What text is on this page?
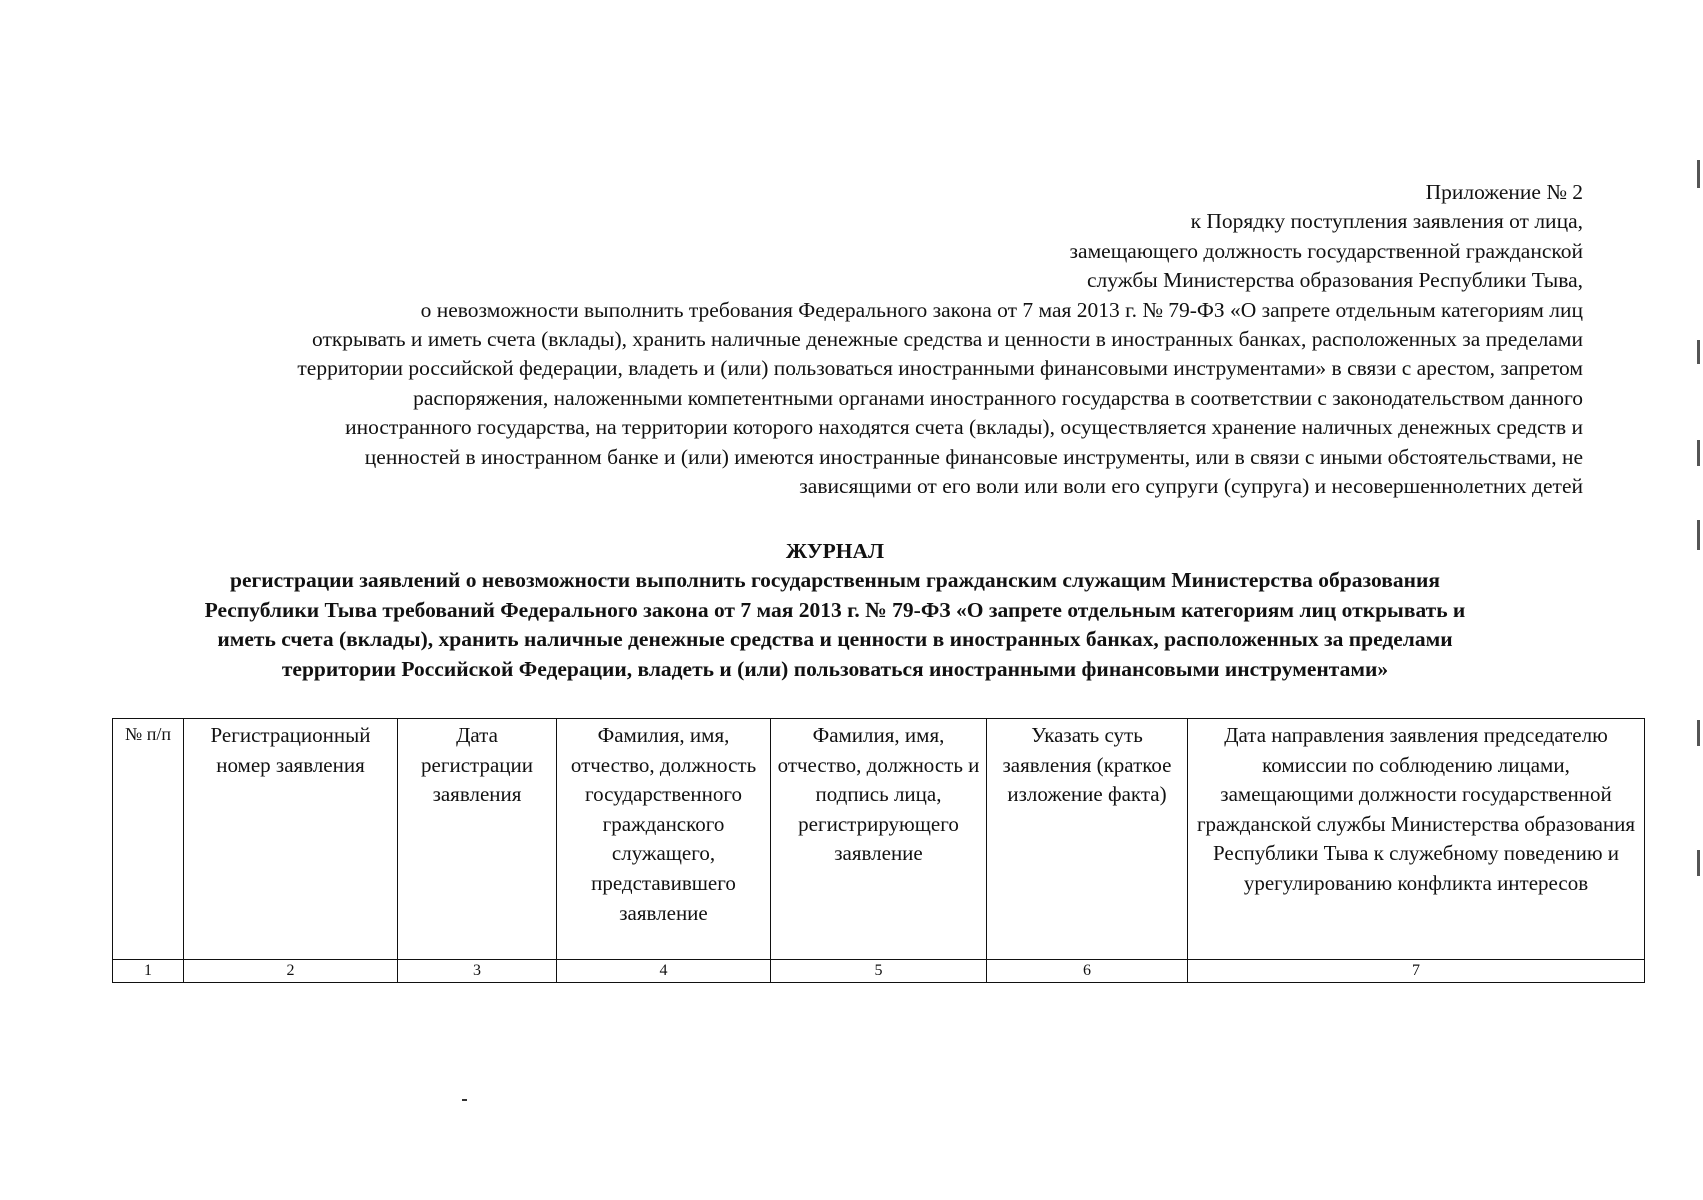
Приложение № 2

к Порядку поступления заявления от лица,

замещающего должность государственной гражданской

службы Министерства образования Республики Тыва,

о невозможности выполнить требования Федерального закона от 7 мая 2013 г. № 79-ФЗ «О запрете отдельным категориям лиц

открывать и иметь счета (вклады), хранить наличные денежные средства и ценности в иностранных банках, расположенных за пределами

территории российской федерации, владеть и (или) пользоваться иностранными финансовыми инструментами» в связи с арестом, запретом

распоряжения, наложенными компетентными органами иностранного государства в соответствии с законодательством данного

иностранного государства, на территории которого находятся счета (вклады), осуществляется хранение наличных денежных средств и

ценностей в иностранном банке и (или) имеются иностранные финансовые инструменты, или в связи с иными обстоятельствами, не

зависящими от его воли или воли его супруги (супруга) и несовершеннолетних детей

ЖУРНАЛ

регистрации заявлений о невозможности выполнить государственным гражданским служащим Министерства образования

Республики Тыва требований Федерального закона от 7 мая 2013 г. № 79-ФЗ «О запрете отдельным категориям лиц открывать и

иметь счета (вклады), хранить наличные денежные средства и ценности в иностранных банках, расположенных за пределами

территории Российской Федерации, владеть и (или) пользоваться иностранными финансовыми инструментами»

№ п/п	Регистрационный номер заявления	Дата регистрации заявления	Фамилия, имя, отчество, должность государственного гражданского служащего, представившего заявление	Фамилия, имя, отчество, должность и подпись лица, регистрирующего заявление	Указать суть заявления (краткое изложение факта)	Дата направления заявления председателю комиссии по соблюдению лицами, замещающими должности государственной гражданской службы Министерства образования Республики Тыва к служебному поведению и урегулированию конфликта интересов
1	2	3	4	5	6	7
